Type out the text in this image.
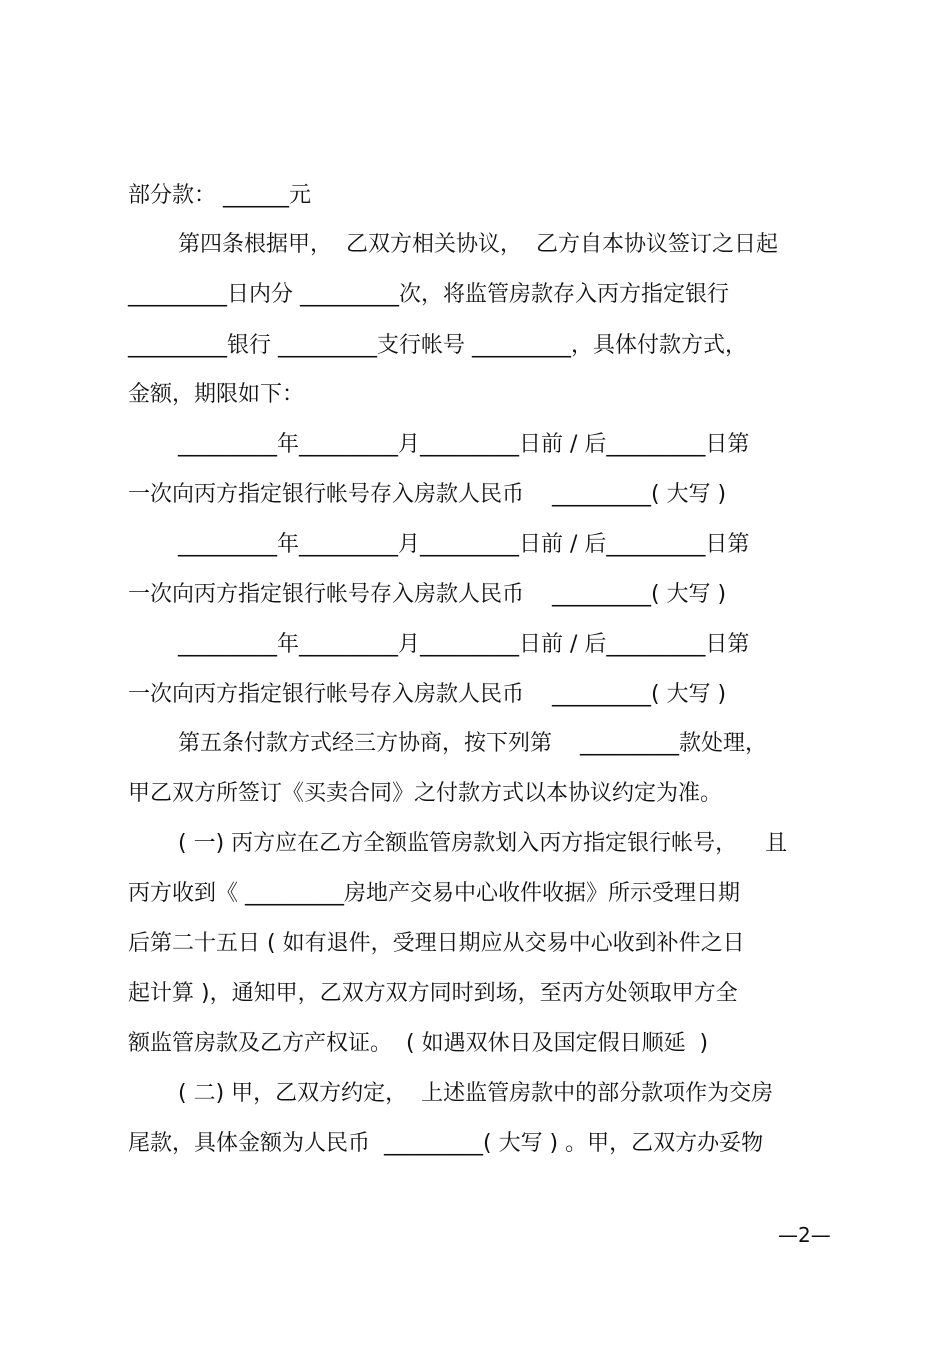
部分款： ______元

第四条根据甲，  乙双方相关协议，  乙方自本协议签订之日起

_________日内分 _________次，将监管房款存入丙方指定银行

_________银行 _________支行帐号 _________，具体付款方式，

金额，期限如下：

_________年_________月_________日前 / 后_________日第

一次向丙方指定银行帐号存入房款人民币    _________( 大写 )

_________年_________月_________日前 / 后_________日第

一次向丙方指定银行帐号存入房款人民币    _________( 大写 )

_________年_________月_________日前 / 后_________日第

一次向丙方指定银行帐号存入房款人民币    _________( 大写 )

第五条付款方式经三方协商，按下列第    _________款处理，

甲乙双方所签订《买卖合同》之付款方式以本协议约定为准。

( 一) 丙方应在乙方全额监管房款划入丙方指定银行帐号，    且

丙方收到《 _________房地产交易中心收件收据》所示受理日期

后第二十五日 ( 如有退件，受理日期应从交易中心收到补件之日

起计算 )，通知甲，乙双方双方同时到场，至丙方处领取甲方全

额监管房款及乙方产权证。  ( 如遇双休日及国定假日顺延  )

( 二) 甲，乙双方约定，  上述监管房款中的部分款项作为交房

尾款，具体金额为人民币  _________( 大写 ) 。甲，乙双方办妥物

—2—
